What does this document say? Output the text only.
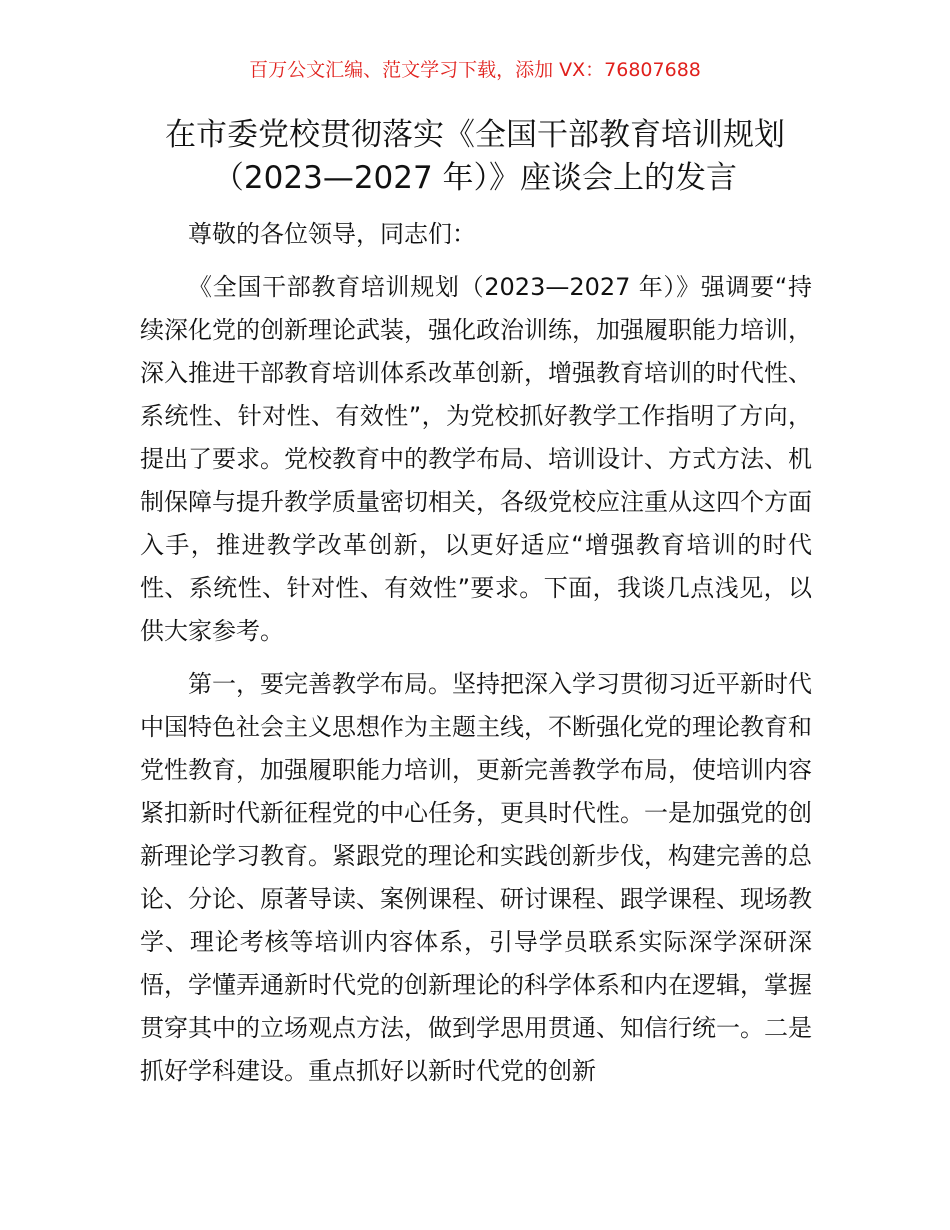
百万公文汇编、范文学习下载，添加 VX：76807688
在市委党校贯彻落实《全国干部教育培训规划
（2023—2027 年）》座谈会上的发言

尊敬的各位领导，同志们：

《全国干部教育培训规划（2023—2027 年）》强调要“持续深化党的创新理论武装，强化政治训练，加强履职能力培训，深入推进干部教育培训体系改革创新，增强教育培训的时代性、系统性、针对性、有效性”，为党校抓好教学工作指明了方向，提出了要求。党校教育中的教学布局、培训设计、方式方法、机制保障与提升教学质量密切相关，各级党校应注重从这四个方面入手，推进教学改革创新，以更好适应“增强教育培训的时代性、系统性、针对性、有效性”要求。下面，我谈几点浅见，以供大家参考。

第一，要完善教学布局。坚持把深入学习贯彻习近平新时代中国特色社会主义思想作为主题主线，不断强化党的理论教育和党性教育，加强履职能力培训，更新完善教学布局，使培训内容紧扣新时代新征程党的中心任务，更具时代性。一是加强党的创新理论学习教育。紧跟党的理论和实践创新步伐，构建完善的总论、分论、原著导读、案例课程、研讨课程、跟学课程、现场教学、理论考核等培训内容体系，引导学员联系实际深学深研深悟，学懂弄通新时代党的创新理论的科学体系和内在逻辑，掌握贯穿其中的立场观点方法，做到学思用贯通、知信行统一。二是抓好学科建设。重点抓好以新时代党的创新
